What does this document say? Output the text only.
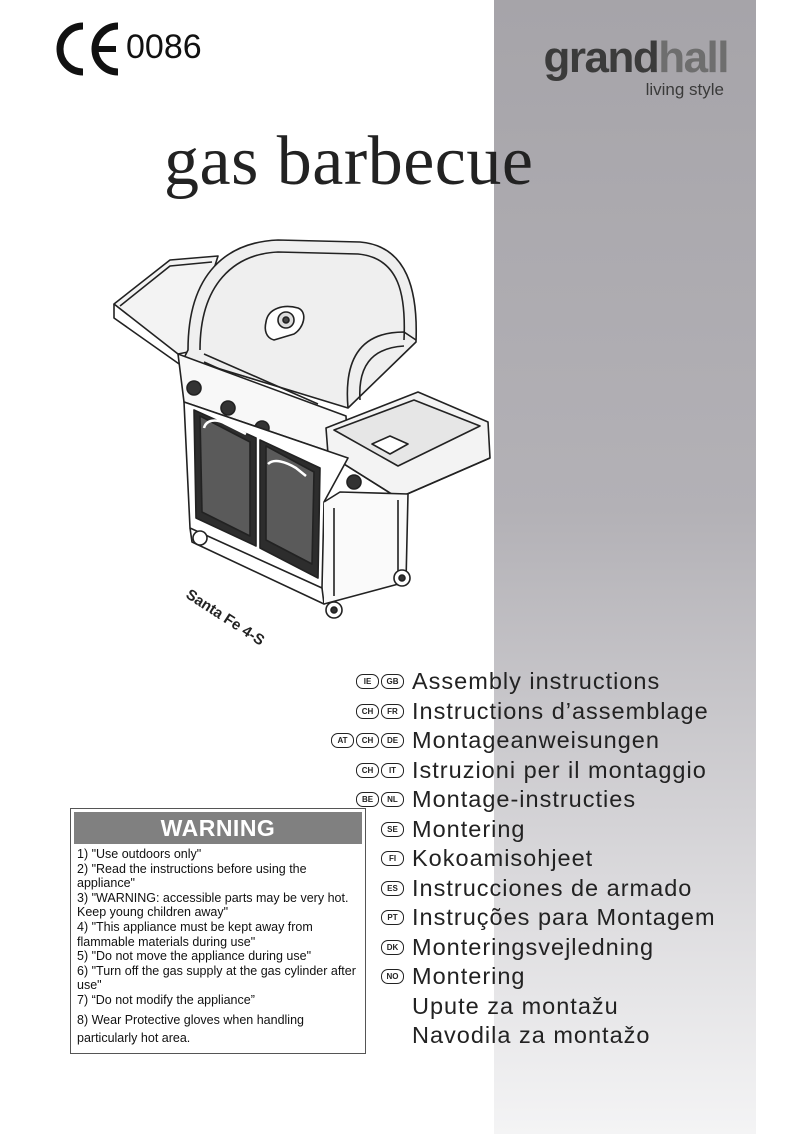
0086	grandhall
living style
gas barbecue
Santa Fe 4-S
IE	GB Assembly instructions
CH	FR Instructions d’assemblage
AT	CH	DE Montageanweisungen
CH	IT Istruzioni per il montaggio
BE	NL Montage-instructies
SE Montering
FI Kokoamisohjeet
ES Instrucciones de armado
PT Instruções para Montagem
DK Monteringsvejledning
NO Montering
Upute za montažu
Navodila za montažo
WARNING

1) "Use outdoors only"

2) "Read the instructions before using the appliance"

3) "WARNING: accessible parts may be very hot. Keep young children away"

4) "This appliance must be kept away from flammable materials during use"

5) "Do not move the appliance during use"

6) "Turn off the gas supply at the gas cylinder after use"

7) “Do not modify the appliance”

8) Wear Protective gloves when handling particularly hot area.
